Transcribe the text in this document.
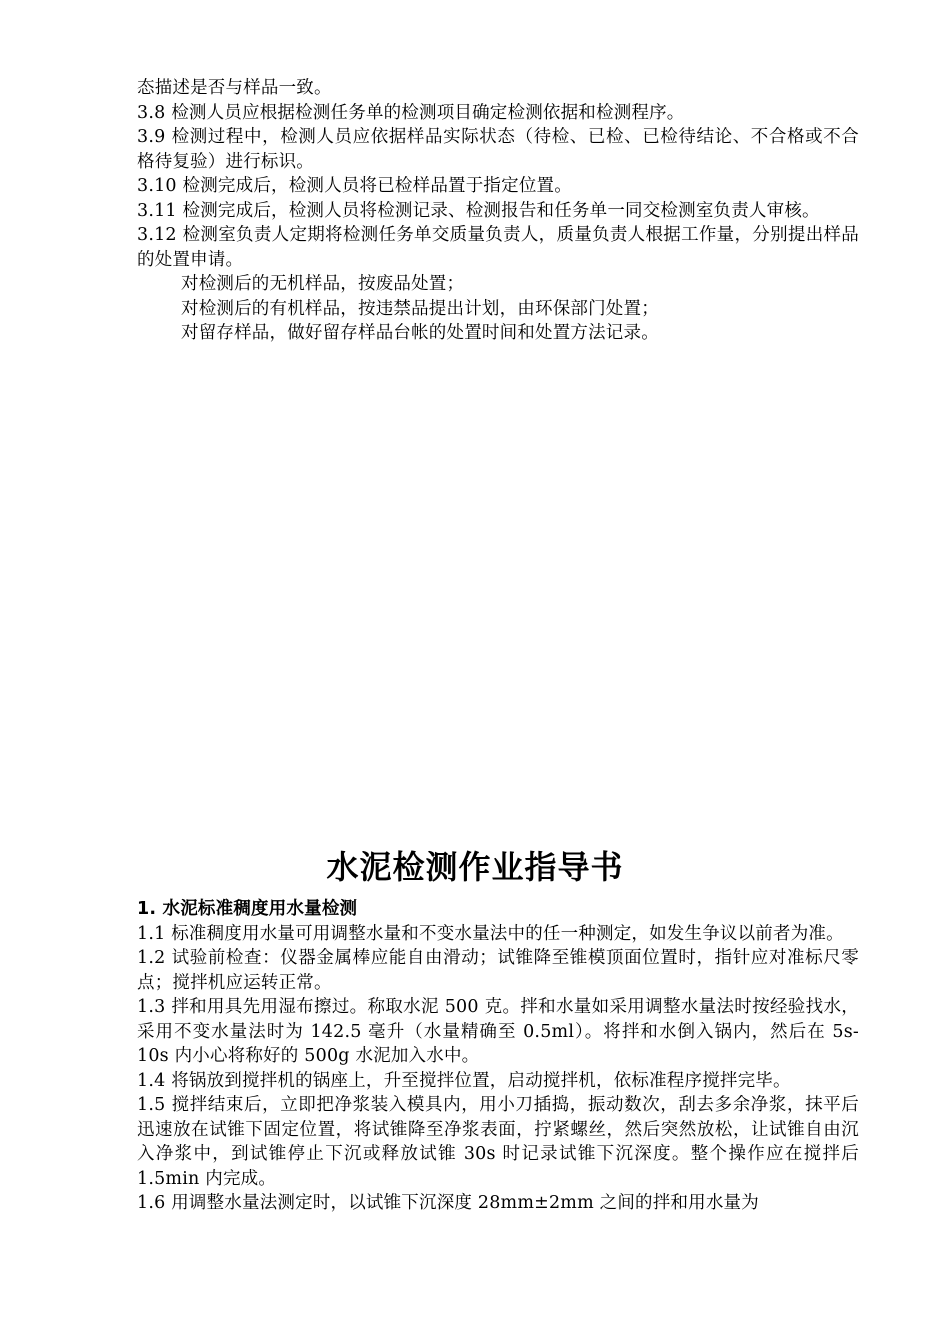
态描述是否与样品一致。

3.8 检测人员应根据检测任务单的检测项目确定检测依据和检测程序。

3.9 检测过程中，检测人员应依据样品实际状态（待检、已检、已检待结论、不合格或不合格待复验）进行标识。

3.10 检测完成后，检测人员将已检样品置于指定位置。

3.11 检测完成后，检测人员将检测记录、检测报告和任务单一同交检测室负责人审核。

3.12 检测室负责人定期将检测任务单交质量负责人，质量负责人根据工作量，分别提出样品的处置申请。

对检测后的无机样品，按废品处置；

对检测后的有机样品，按违禁品提出计划，由环保部门处置；

对留存样品，做好留存样品台帐的处置时间和处置方法记录。

水泥检测作业指导书

1. 水泥标准稠度用水量检测

1.1 标准稠度用水量可用调整水量和不变水量法中的任一种测定，如发生争议以前者为准。

1.2 试验前检查：仪器金属棒应能自由滑动；试锥降至锥模顶面位置时，指针应对准标尺零点；搅拌机应运转正常。

1.3 拌和用具先用湿布擦过。称取水泥 500 克。拌和水量如采用调整水量法时按经验找水，采用不变水量法时为 142.5 毫升（水量精确至 0.5ml）。将拌和水倒入锅内，然后在 5s-10s 内小心将称好的 500g 水泥加入水中。

1.4 将锅放到搅拌机的锅座上，升至搅拌位置，启动搅拌机，依标准程序搅拌完毕。

1.5 搅拌结束后，立即把净浆装入模具内，用小刀插捣，振动数次，刮去多余净浆，抹平后迅速放在试锥下固定位置，将试锥降至净浆表面，拧紧螺丝，然后突然放松，让试锥自由沉入净浆中，到试锥停止下沉或释放试锥 30s 时记录试锥下沉深度。整个操作应在搅拌后 1.5min 内完成。

1.6 用调整水量法测定时，以试锥下沉深度 28mm±2mm 之间的拌和用水量为
